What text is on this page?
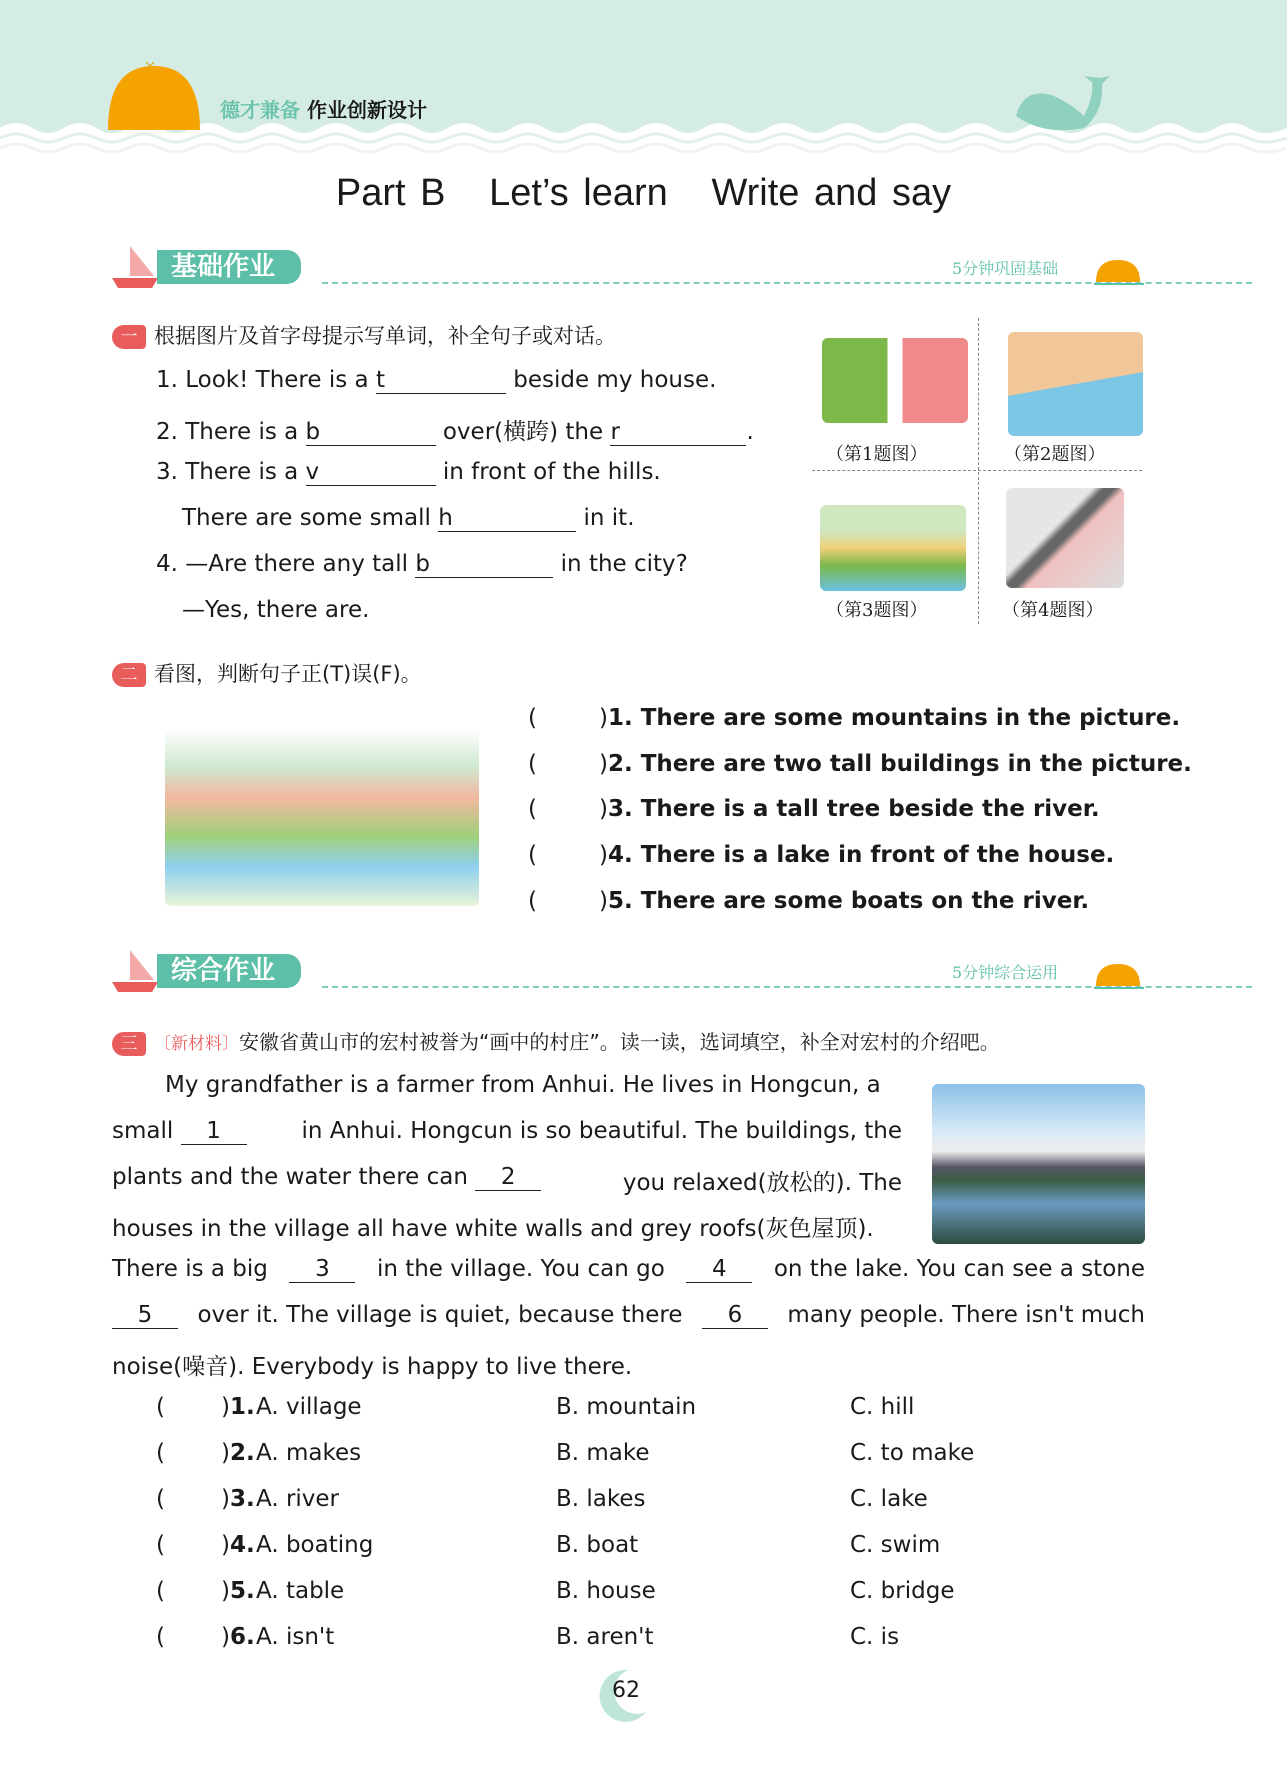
德才兼备 作业创新设计
Part B   Let’s learn   Write and say
基础作业	5分钟巩固基础
一 根据图片及首字母提示写单词，补全句子或对话。
1. Look! There is a t	beside my house.
2. There is a b	over(横跨) the r	.
3. There is a v	in front of the hills.
There are some small h	in it.
4. —Are there any tall b	in the city?
—Yes, there are.
（第1题图）	（第2题图）
（第3题图）	（第4题图）
二 看图，判断句子正(T)误(F)。
(	)1. There are some mountains in the picture.
(	)2. There are two tall buildings in the picture.
(	)3. There is a tall tree beside the river.
(	)4. There is a lake in front of the house.
(	)5. There are some boats on the river.
综合作业	5分钟综合运用
三 〔新材料〕安徽省黄山市的宏村被誉为“画中的村庄”。读一读，选词填空，补全对宏村的介绍吧。
My grandfather is a farmer from Anhui. He lives in Hongcun, a
small 1	in Anhui. Hongcun is so beautiful. The buildings, the
plants and the water there can 2	you relaxed(放松的). The
houses in the village all have white walls and grey roofs(灰色屋顶).
There is a big	3	in the village. You can go	4	on the lake. You can see a stone
5	over it. The village is quiet, because there	6	many people. There isn't much
noise(噪音). Everybody is happy to live there.
( )1. A. village	B. mountain	C. hill
( )2. A. makes	B. make	C. to make
( )3. A. river	B. lakes	C. lake
( )4. A. boating	B. boat	C. swim
( )5. A. table	B. house	C. bridge
( )6. A. isn't	B. aren't	C. is
62
